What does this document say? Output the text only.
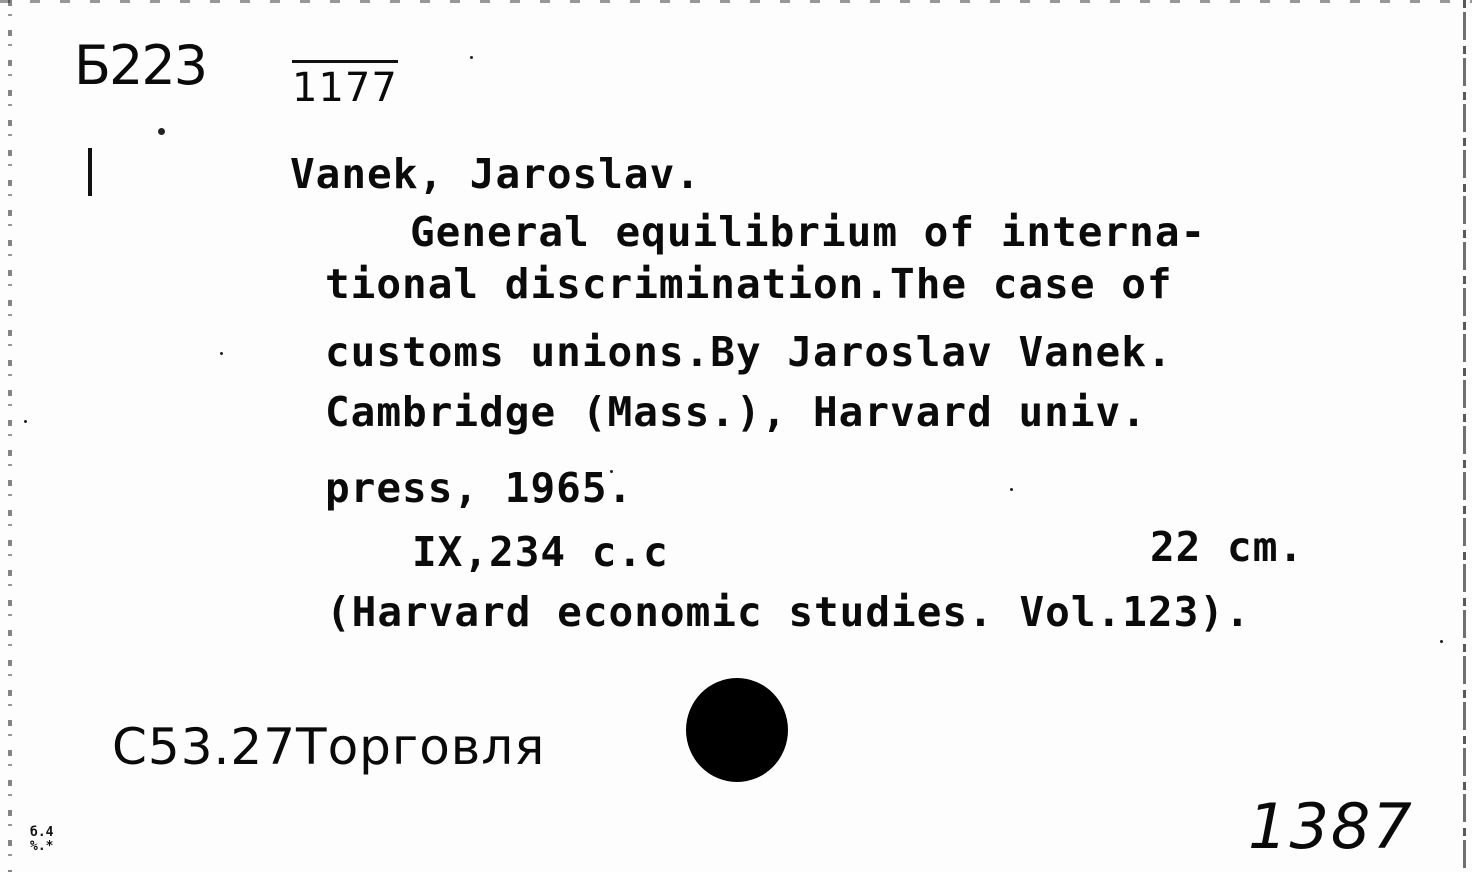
Б223 1177
Vanek, Jaroslav.
General equilibrium of interna-
tional discrimination.The case of
customs unions.By Jaroslav Vanek.
Cambridge (Mass.), Harvard univ.
press, 1965.
IX,234 c.c	22 cm.
(Harvard economic studies. Vol.123).
С53.27Торговля
1387
б.4
%.*
